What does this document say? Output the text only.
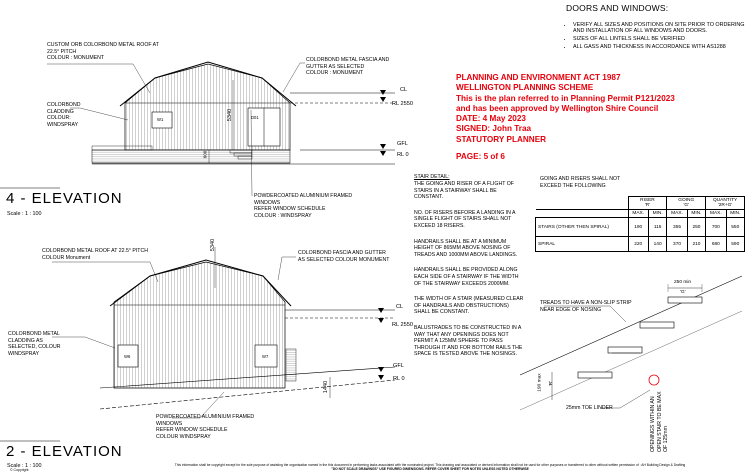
DOORS AND WINDOWS:
• VERIFY ALL SIZES AND POSITIONS ON SITE PRIOR TO ORDERING AND INSTALLATION OF ALL WINDOWS AND DOORS.
• SIZES OF ALL LINTELS SHALL BE VERIFIED
• ALL GASS AND THICKNESS IN ACCORDANCE WITH AS1288
PLANNING AND ENVIRONMENT ACT 1987
WELLINGTON PLANNING SCHEME
This is the plan referred to in Planning Permit P121/2023
and has been approved by Wellington Shire Council
DATE: 4 May 2023
SIGNED: John Traa
STATUTORY PLANNER
PAGE: 5 of 6
CUSTOM ORB COLORBOND METAL ROOF AT
22.5° PITCH
COLOUR : MONUMENT	COLORBOND METAL FASCIA AND
GUTTER AS SELECTED
COLOUR : MONUMENT
COLORBOND
CLADDING
COLOUR:
WINDSPRAY
POWDERCOATED ALUMINIUM FRAMED
WINDOWS
REFER WINDOW SCHEDULE
COLOUR : WINDSPRAY
CL
RL 2550
GFL
RL 0
5340
600
W1	D01
4 - ELEVATION
Scale : 1 : 100
COLORBOND METAL ROOF AT 22.5° PITCH
COLOUR Monument
COLORBOND FASCIA AND GUTTER
AS SELECTED COLOUR MONUMENT
COLORBOND METAL
CLADDING AS
SELECTED, COLOUR
WINDSPRAY
POWDERCOATED ALUMINIUM FRAMED
WINDOWS
REFER WINDOW SCHEDULE
COLOUR WINDSPRAY
CL
RL 2550
GFL
RL 0
5340
1440
W6	W7
2 - ELEVATION
Scale : 1 : 100
STAIR DETAIL:
THE GOING AND RISER OF A FLIGHT OF STAIRS IN A STAIRWAY SHALL BE CONSTANT.
NO. OF RISERS BEFORE A LANDING IN A SINGLE FLIGHT OF STAIRS SHALL NOT EXCEED 18 RISERS.
HANDRAILS SHALL BE AT A MINIMUM HEIGHT OF 865MM ABOVE NOSING OF TREADS AND 1000MM ABOVE LANDINGS.
HANDRAILS SHALL BE PROVIDED ALONG EACH SIDE OF A STAIRWAY IF THE WIDTH OF THE STAIRWAY EXCEEDS 2000MM.
THE WIDTH OF A STAIR (MEASURED CLEAR OF HANDRAILS AND OBSTRUCTIONS) SHALL BE CONSTANT.
BALUSTRADES TO BE CONSTRUCTED IN A WAY THAT ANY OPENINGS DOES NOT PERMIT A 125MM SPHERE TO PASS THROUGH IT AND FOR BOTTOM RAILS THE SPACE IS TESTED ABOVE THE NOSINGS.
GOING AND RISERS SHALL NOT
EXCEED THE FOLLOWING
	RISER
'R'		GOING
'G'		QUANTITY
'2R+G'	
	MAX.	MIN.	MAX.	MIN.	MAX.	MIN.
STAIRS (OTHER THEN SPIRAL)	190	115	355	250	700	550
SPIRAL	220	140	370	210	680	590
TREADS TO HAVE A NON-SLIP STRIP
NEAR EDGE OF NOSING
250 min
'G'
190 max 'R'
25mm TOE LINDER
OPENINGS WITHIN AN
OPEN STAIR TO BE MAX
OF 125mm
This information shall be copyright except for the sole purpose of assisting the organisation named in the this document in performing tasks associated with the nominated project. This drawing and associated or derived information shall not be used for other purposes or transferred to other without written permission of : AH Building Design & Drafting
"DO NOT SCALE DRAWINGS" USE FIGURED DIMENSIONS. REFER COVER SHEET FOR NOTES UNLESS NOTED OTHERWISE
© Copyright
